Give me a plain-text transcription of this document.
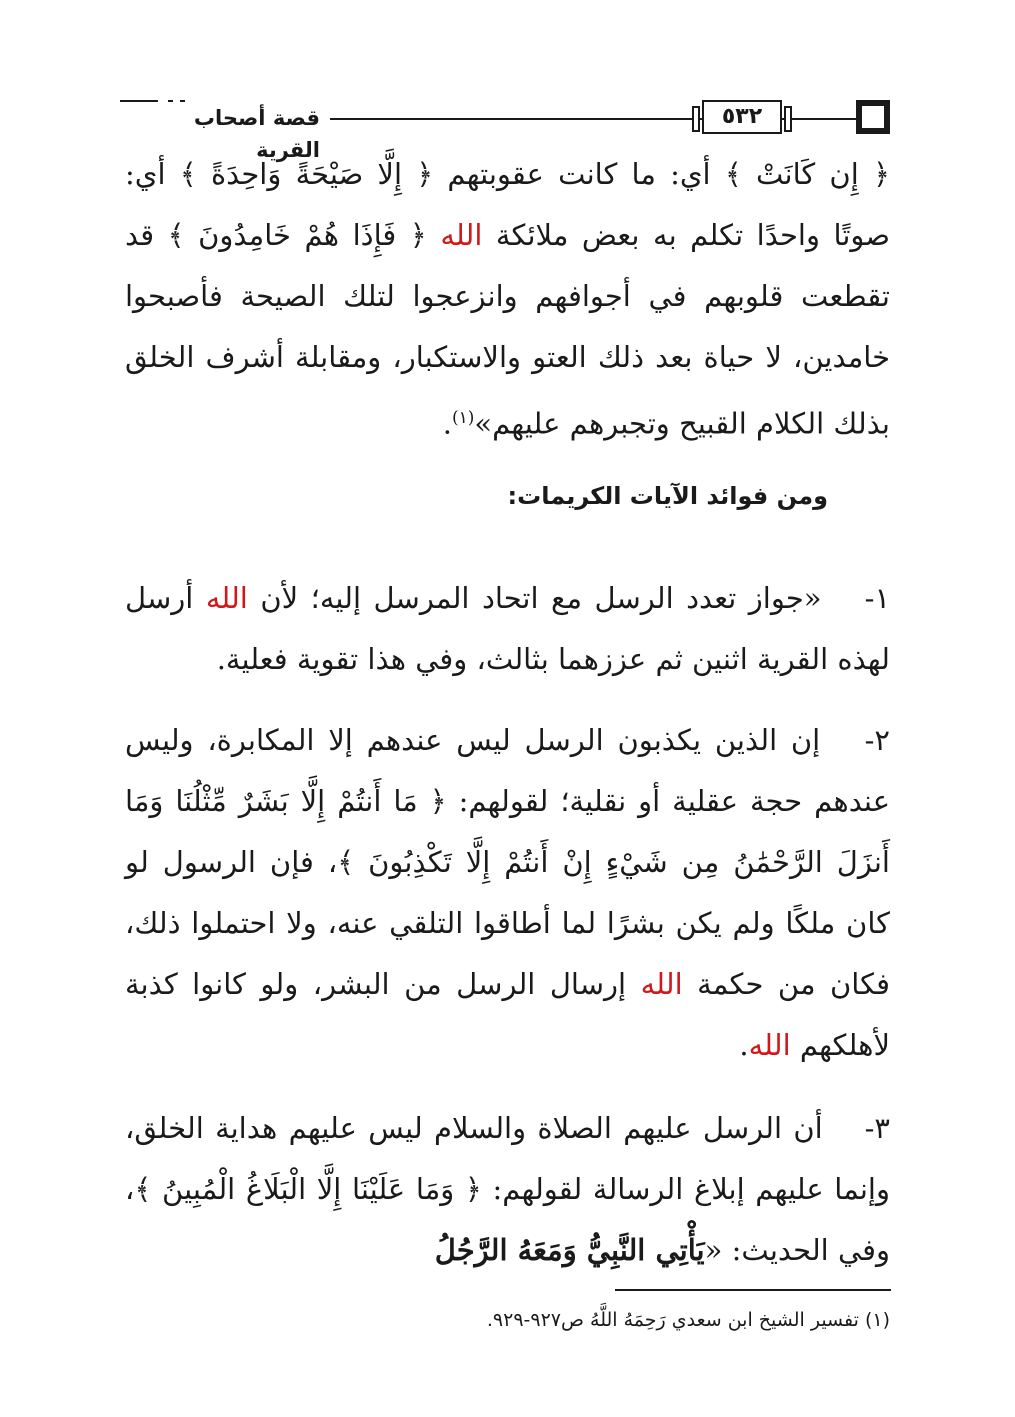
قصة أصحاب القرية
٥٣٢
﴿ إِن كَانَتْ ﴾ أي: ما كانت عقوبتهم ﴿ إِلَّا صَيْحَةً وَاحِدَةً ﴾ أي: صوتًا واحدًا تكلم به بعض ملائكة الله ﴿ فَإِذَا هُمْ خَامِدُونَ ﴾ قد تقطعت قلوبهم في أجوافهم وانزعجوا لتلك الصيحة فأصبحوا خامدين، لا حياة بعد ذلك العتو والاستكبار، ومقابلة أشرف الخلق بذلك الكلام القبيح وتجبرهم عليهم»$^{(١)}$.
ومن فوائد الآيات الكريمات:
١- «جواز تعدد الرسل مع اتحاد المرسل إليه؛ لأن الله أرسل لهذه القرية اثنين ثم عززهما بثالث، وفي هذا تقوية فعلية.
٢- إن الذين يكذبون الرسل ليس عندهم إلا المكابرة، وليس عندهم حجة عقلية أو نقلية؛ لقولهم: ﴿ مَا أَنتُمْ إِلَّا بَشَرٌ مِّثْلُنَا وَمَا أَنزَلَ الرَّحْمَٰنُ مِن شَيْءٍ إِنْ أَنتُمْ إِلَّا تَكْذِبُونَ ﴾، فإن الرسول لو كان ملكًا ولم يكن بشرًا لما أطاقوا التلقي عنه، ولا احتملوا ذلك، فكان من حكمة الله إرسال الرسل من البشر، ولو كانوا كذبة لأهلكهم الله.
٣- أن الرسل عليهم الصلاة والسلام ليس عليهم هداية الخلق، وإنما عليهم إبلاغ الرسالة لقولهم: ﴿ وَمَا عَلَيْنَا إِلَّا الْبَلَاغُ الْمُبِينُ ﴾، وفي الحديث: «يَأْتِي النَّبِيُّ وَمَعَهُ الرَّجُلُ
(١) تفسير الشيخ ابن سعدي رَحِمَهُ اللَّهُ ص٩٢٧-٩٢٩.
